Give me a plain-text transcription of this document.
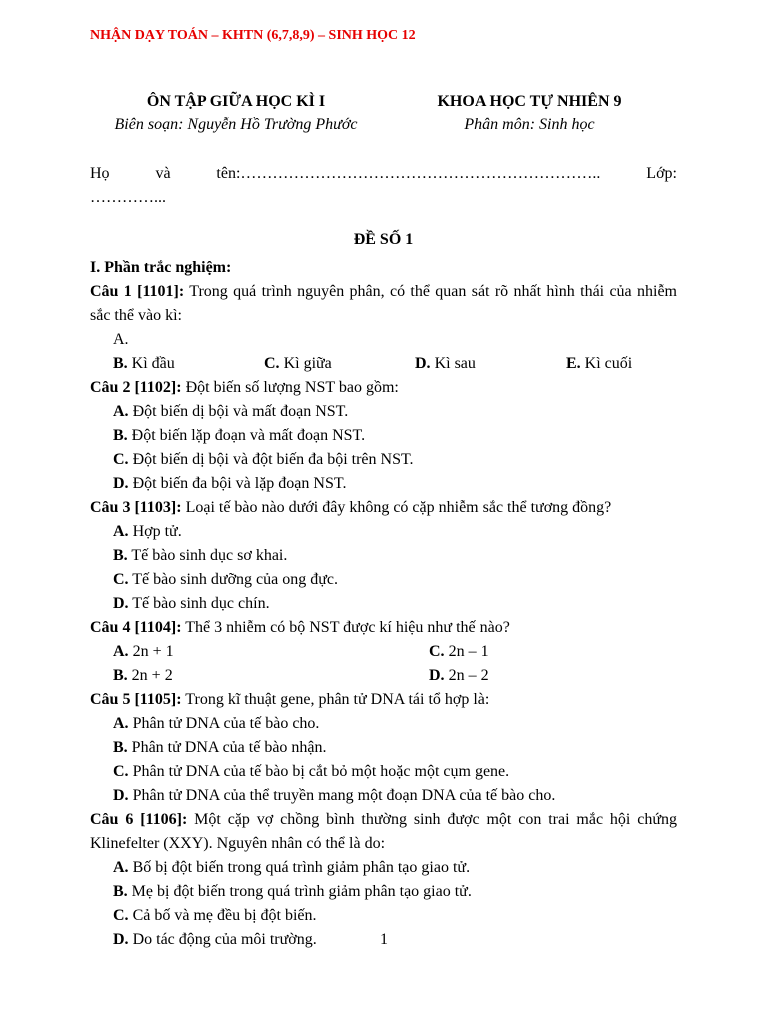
NHẬN DẠY TOÁN – KHTN (6,7,8,9) – SINH HỌC 12
ÔN TẬP GIỮA HỌC KÌ I
Biên soạn: Nguyễn Hồ Trường Phước
KHOA HỌC TỰ NHIÊN 9
Phân môn: Sinh học
Họ	và	tên:…………………………………………………………..	Lớp:
…………...
ĐỀ SỐ 1
I. Phần trắc nghiệm:
Câu 1 [1101]: Trong quá trình nguyên phân, có thể quan sát rõ nhất hình thái của nhiễm sắc thể vào kì:
A.
B. Kì đầu	C. Kì giữa	D. Kì sau	E. Kì cuối
Câu 2 [1102]: Đột biến số lượng NST bao gồm:
A. Đột biến dị bội và mất đoạn NST.
B. Đột biến lặp đoạn và mất đoạn NST.
C. Đột biến dị bội và đột biến đa bội trên NST.
D. Đột biến đa bội và lặp đoạn NST.
Câu 3 [1103]: Loại tế bào nào dưới đây không có cặp nhiễm sắc thể tương đồng?
A. Hợp tử.
B. Tế bào sinh dục sơ khai.
C. Tế bào sinh dưỡng của ong đực.
D. Tế bào sinh dục chín.
Câu 4 [1104]: Thể 3 nhiễm có bộ NST được kí hiệu như thế nào?
A. 2n + 1	C. 2n – 1
B. 2n + 2	D. 2n – 2
Câu 5 [1105]: Trong kĩ thuật gene, phân tử DNA tái tổ hợp là:
A. Phân tử DNA của tế bào cho.
B. Phân tử DNA của tế bào nhận.
C. Phân tử DNA của tế bào bị cắt bỏ một hoặc một cụm gene.
D. Phân tử DNA của thể truyền mang một đoạn DNA của tế bào cho.
Câu 6 [1106]: Một cặp vợ chồng bình thường sinh được một con trai mắc hội chứng Klinefelter (XXY). Nguyên nhân có thể là do:
A. Bố bị đột biến trong quá trình giảm phân tạo giao tử.
B. Mẹ bị đột biến trong quá trình giảm phân tạo giao tử.
C. Cả bố và mẹ đều bị đột biến.
D. Do tác động của môi trường.	1
